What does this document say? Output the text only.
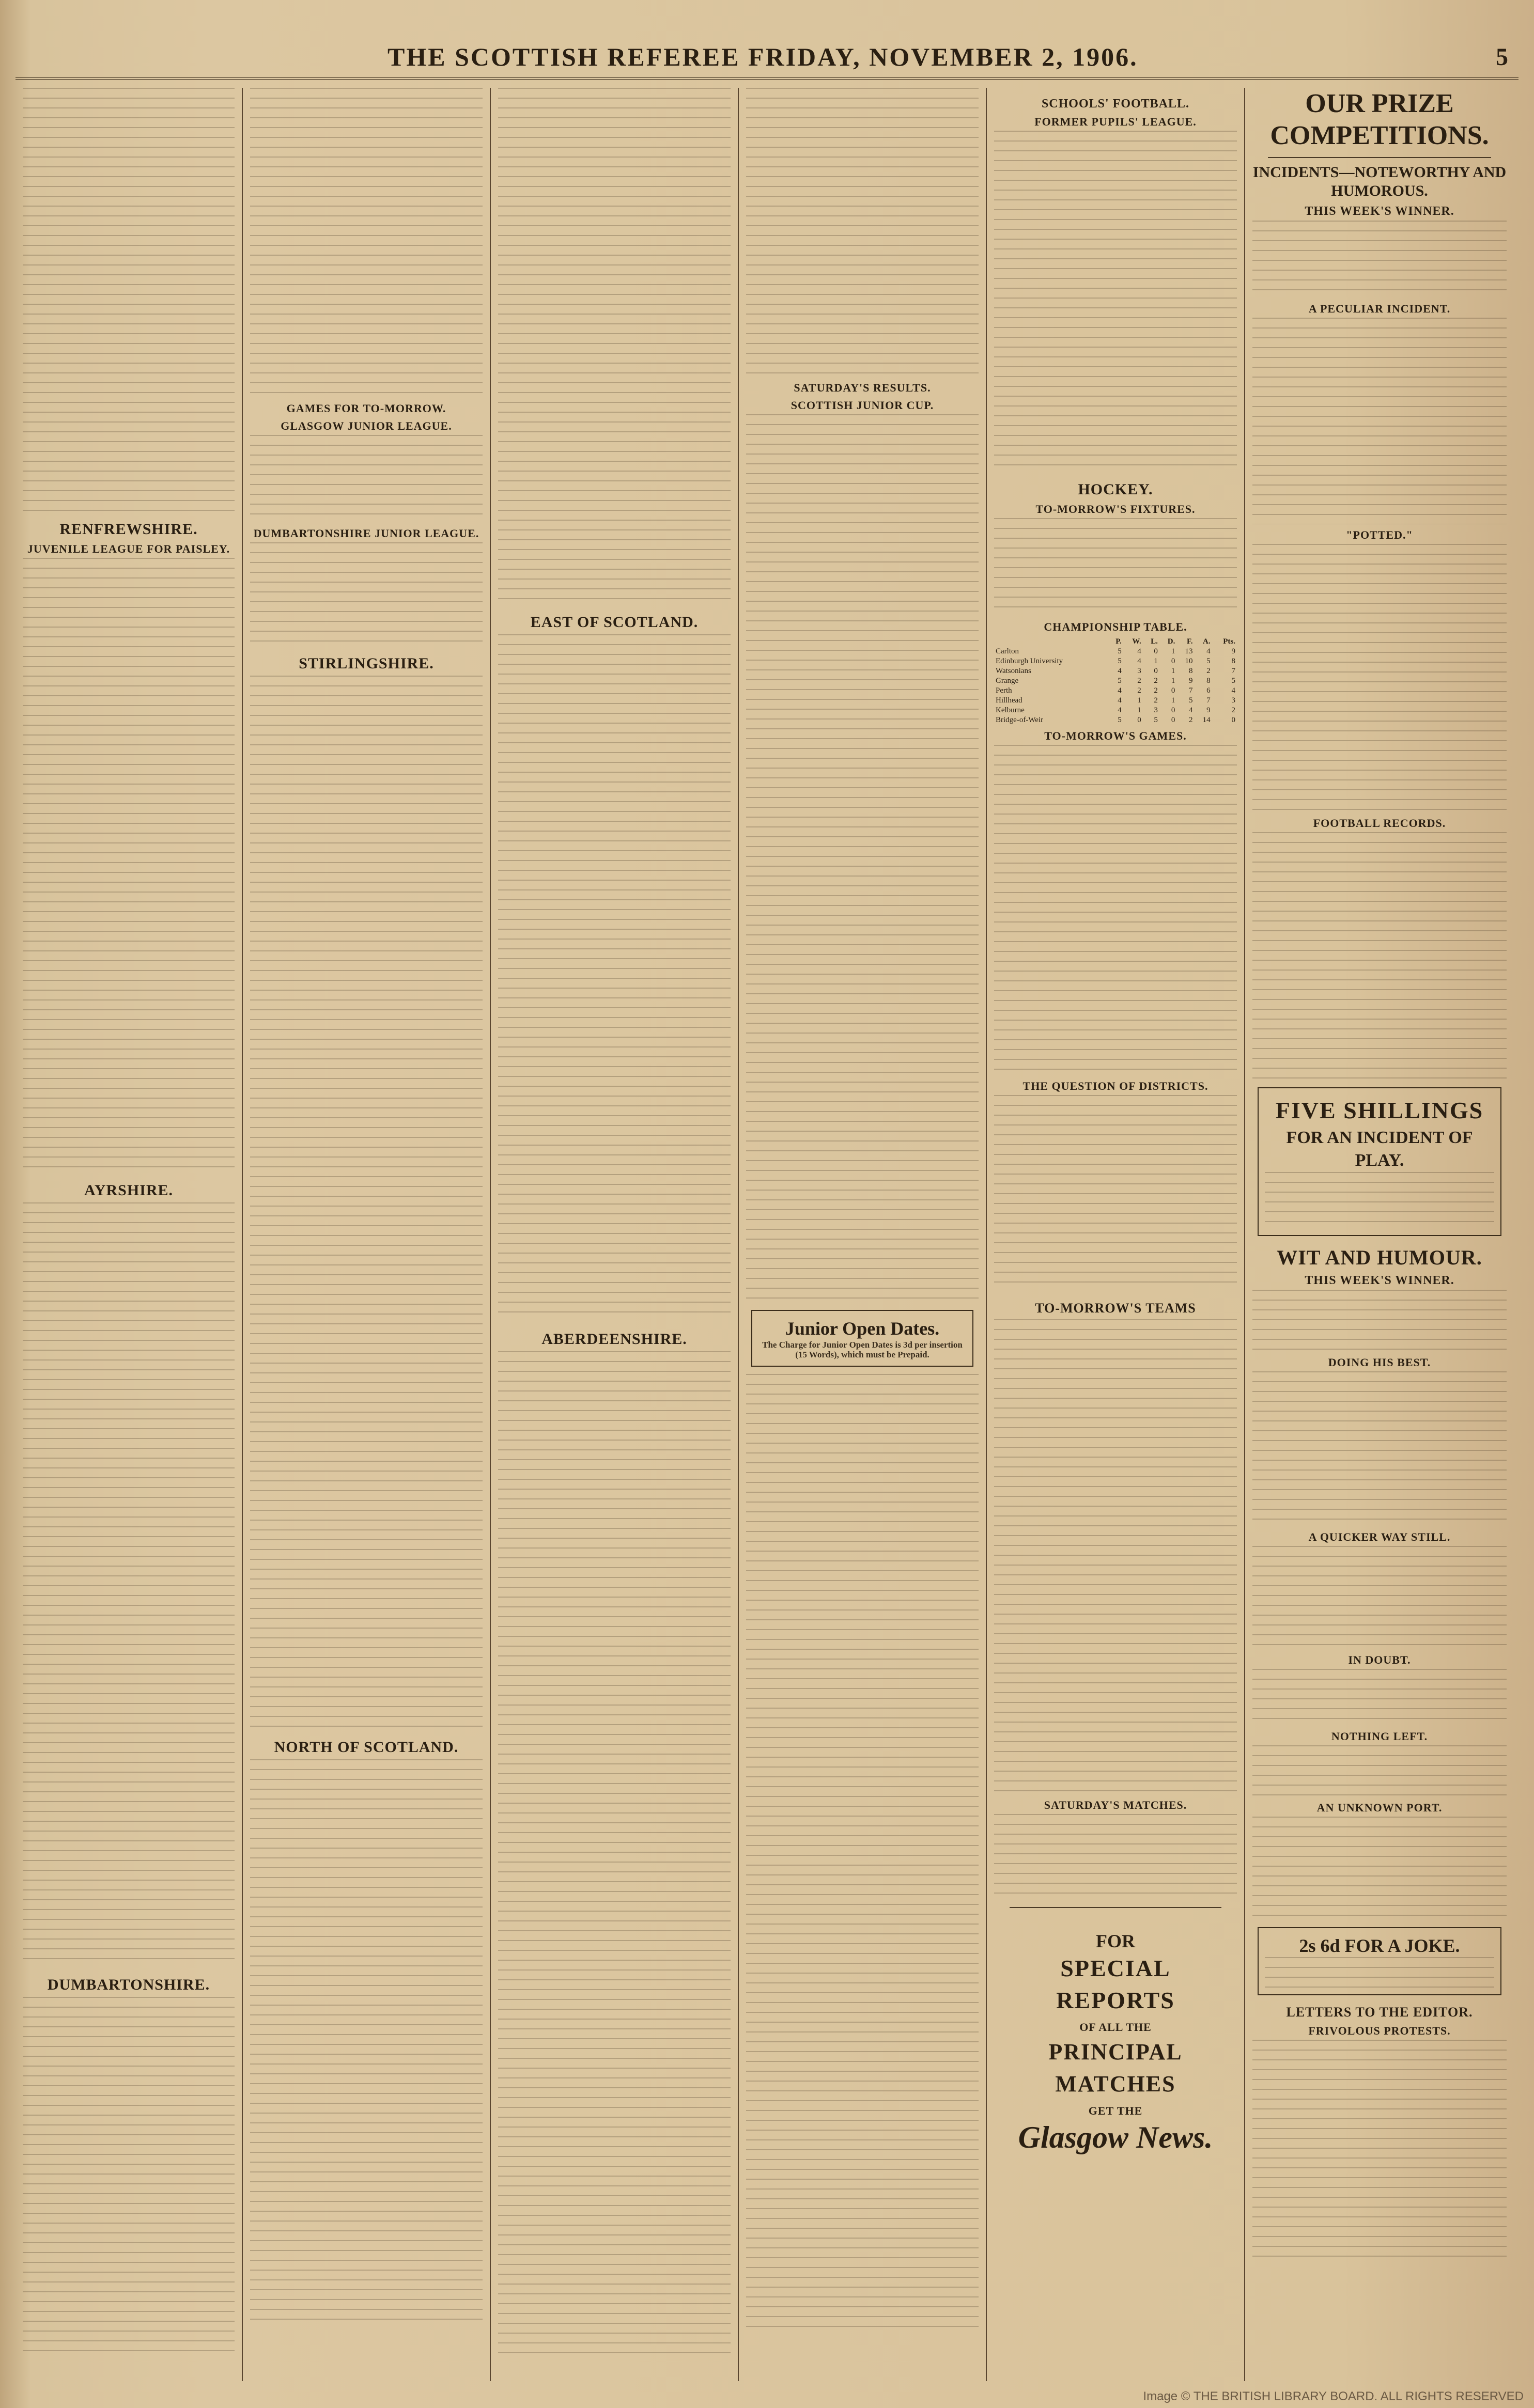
THE SCOTTISH REFEREE FRIDAY, NOVEMBER 2, 1906.	5
RENFREWSHIRE.
JUVENILE LEAGUE FOR PAISLEY.
AYRSHIRE.
DUMBARTONSHIRE.
GAMES FOR TO-MORROW.
GLASGOW JUNIOR LEAGUE.
DUMBARTONSHIRE JUNIOR LEAGUE.
STIRLINGSHIRE.
NORTH OF SCOTLAND.
EAST OF SCOTLAND.
ABERDEENSHIRE.
SATURDAY'S RESULTS.
SCOTTISH JUNIOR CUP.
Junior Open Dates.
The Charge for Junior Open Dates is 3d per insertion (15 Words), which must be Prepaid.
SCHOOLS' FOOTBALL.
FORMER PUPILS' LEAGUE.
HOCKEY.
TO-MORROW'S FIXTURES.
CHAMPIONSHIP TABLE.
	P.	W.	L.	D.	F.	A.	Pts.
Carlton	5	4	0	1	13	4	9
Edinburgh University	5	4	1	0	10	5	8
Watsonians	4	3	0	1	8	2	7
Grange	5	2	2	1	9	8	5
Perth	4	2	2	0	7	6	4
Hillhead	4	1	2	1	5	7	3
Kelburne	4	1	3	0	4	9	2
Bridge-of-Weir	5	0	5	0	2	14	0
TO-MORROW'S GAMES.
THE QUESTION OF DISTRICTS.
TO-MORROW'S TEAMS
SATURDAY'S MATCHES.
FOR
SPECIAL REPORTS
OF ALL THE
PRINCIPAL MATCHES
GET THE
Glasgow News.
OUR PRIZE COMPETITIONS.
INCIDENTS—NOTEWORTHY AND HUMOROUS.
THIS WEEK'S WINNER.
A PECULIAR INCIDENT.
"POTTED."
FOOTBALL RECORDS.
FIVE SHILLINGS
FOR AN INCIDENT OF PLAY.
WIT AND HUMOUR.
THIS WEEK'S WINNER.
DOING HIS BEST.
A QUICKER WAY STILL.
IN DOUBT.
NOTHING LEFT.
AN UNKNOWN PORT.
2s 6d FOR A JOKE.
LETTERS TO THE EDITOR.
FRIVOLOUS PROTESTS.
Image © THE BRITISH LIBRARY BOARD. ALL RIGHTS RESERVED
